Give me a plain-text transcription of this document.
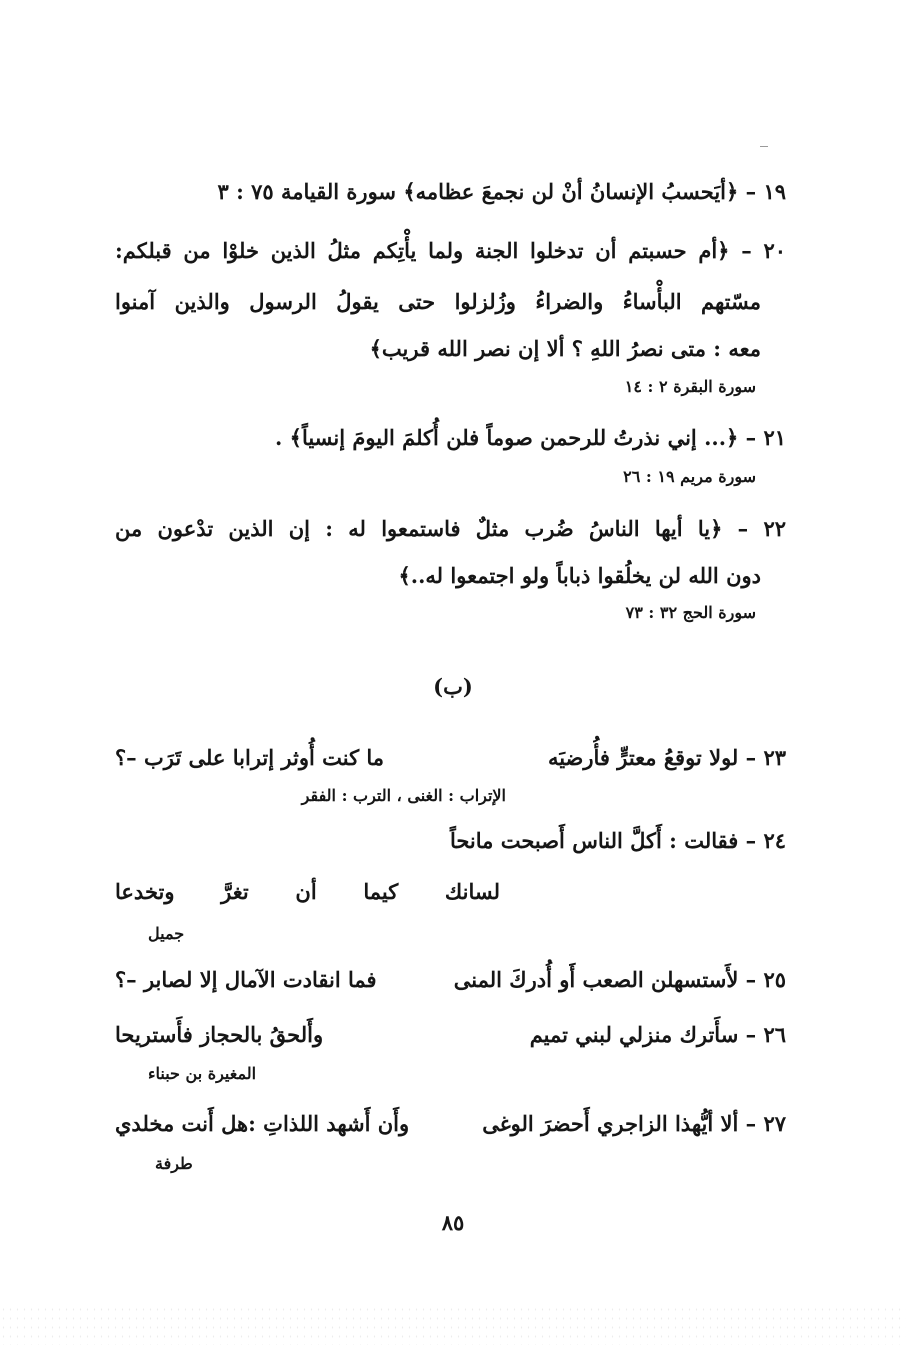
١٩ – ﴿أيَحسبُ الإنسانُ أنْ لن نجمعَ عظامه﴾ سورة القيامة ٧٥ : ٣
٢٠ – ﴿أم حسبتم أن تدخلوا الجنة ولما يأْتِكم مثلُ الذين خلوْا من قبلكم:
مسّتهم البأْساءُ والضراءُ وزُلزلوا حتى يقولُ الرسول والذين آمنوا
معه : متى نصرُ اللهِ ؟ ألا إن نصر الله قريب﴾
سورة البقرة ٢ : ١٤
٢١ – ﴿... إني نذرتُ للرحمن صوماً فلن أُكلمَ اليومَ إنسياً﴾ .
سورة مريم ١٩ : ٢٦
٢٢ – ﴿يا أيها الناسُ ضُرب مثلٌ فاستمعوا له : إن الذين تدْعون من
دون الله لن يخلُقوا ذباباً ولو اجتمعوا له..﴾
سورة الحج ٣٢ : ٧٣
(ب)
٢٣ – لولا توقعُ معترٍّ فأُرضيَه
ما كنت أُوثر إترابا على تَرَب –؟
الإتراب : الغنى ، الترب : الفقر
٢٤ – فقالت : أَكلَّ الناس أَصبحت مانحاً
لسانك كيما أن تغرَّ وتخدعا
جميل
٢٥ – لأَستسهلن الصعب أَو أُدركَ المنى
فما انقادت الآمال إلا لصابر –؟
٢٦ – سأَترك منزلي لبني تميم
وأَلحقُ بالحجاز فأَستريحا
المغيرة بن حبناء
٢٧ – ألا أيُّهذا الزاجري أَحضرَ الوغى
وأَن أَشهد اللذاتِ :هل أَنت مخلدي
طرفة
٨٥
